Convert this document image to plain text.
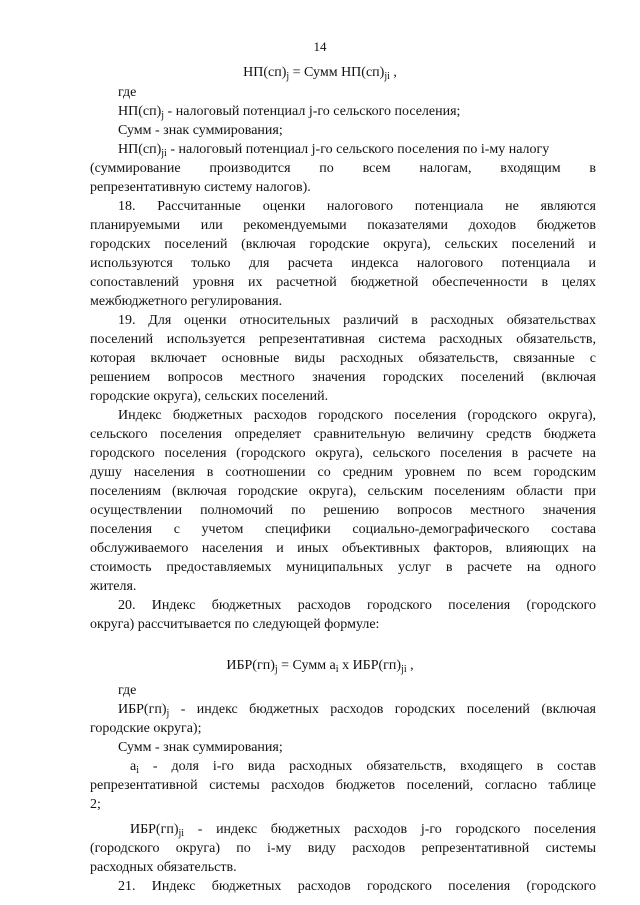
14
$НП(сп)_j$ = Сумм $НП(сп)_{ji}$ ,
где
$НП(сп)_j$ - налоговый потенциал j-го сельского поселения;
Сумм - знак суммирования;
$НП(сп)_{ji}$ - налоговый потенциал j-го сельского поселения по i-му налогу
(суммирование производится по всем налогам, входящим в
репрезентативную систему налогов).
18. Рассчитанные оценки налогового потенциала не являются
планируемыми или рекомендуемыми показателями доходов бюджетов
городских поселений (включая городские округа), сельских поселений и
используются только для расчета индекса налогового потенциала и
сопоставлений уровня их расчетной бюджетной обеспеченности в целях
межбюджетного регулирования.
19. Для оценки относительных различий в расходных обязательствах
поселений используется репрезентативная система расходных обязательств,
которая включает основные виды расходных обязательств, связанные с
решением вопросов местного значения городских поселений (включая
городские округа), сельских поселений.
Индекс бюджетных расходов городского поселения (городского округа),
сельского поселения определяет сравнительную величину средств бюджета
городского поселения (городского округа), сельского поселения в расчете на
душу населения в соотношении со средним уровнем по всем городским
поселениям (включая городские округа), сельским поселениям области при
осуществлении полномочий по решению вопросов местного значения
поселения с учетом специфики социально-демографического состава
обслуживаемого населения и иных объективных факторов, влияющих на
стоимость предоставляемых муниципальных услуг в расчете на одного
жителя.
20. Индекс бюджетных расходов городского поселения (городского
округа) рассчитывается по следующей формуле:
$ИБР(гп)_j$ = Сумм $a_i$ x $ИБР(гп)_{ji}$ ,
где
$ИБР(гп)_j$ - индекс бюджетных расходов городских поселений (включая
городские округа);
Сумм - знак суммирования;
$a_i$ - доля i-го вида расходных обязательств, входящего в состав
репрезентативной системы расходов бюджетов поселений, согласно таблице
2;
$ИБР(гп)_{ji}$ - индекс бюджетных расходов j-го городского поселения
(городского округа) по i-му виду расходов репрезентативной системы
расходных обязательств.
21. Индекс бюджетных расходов городского поселения (городского
